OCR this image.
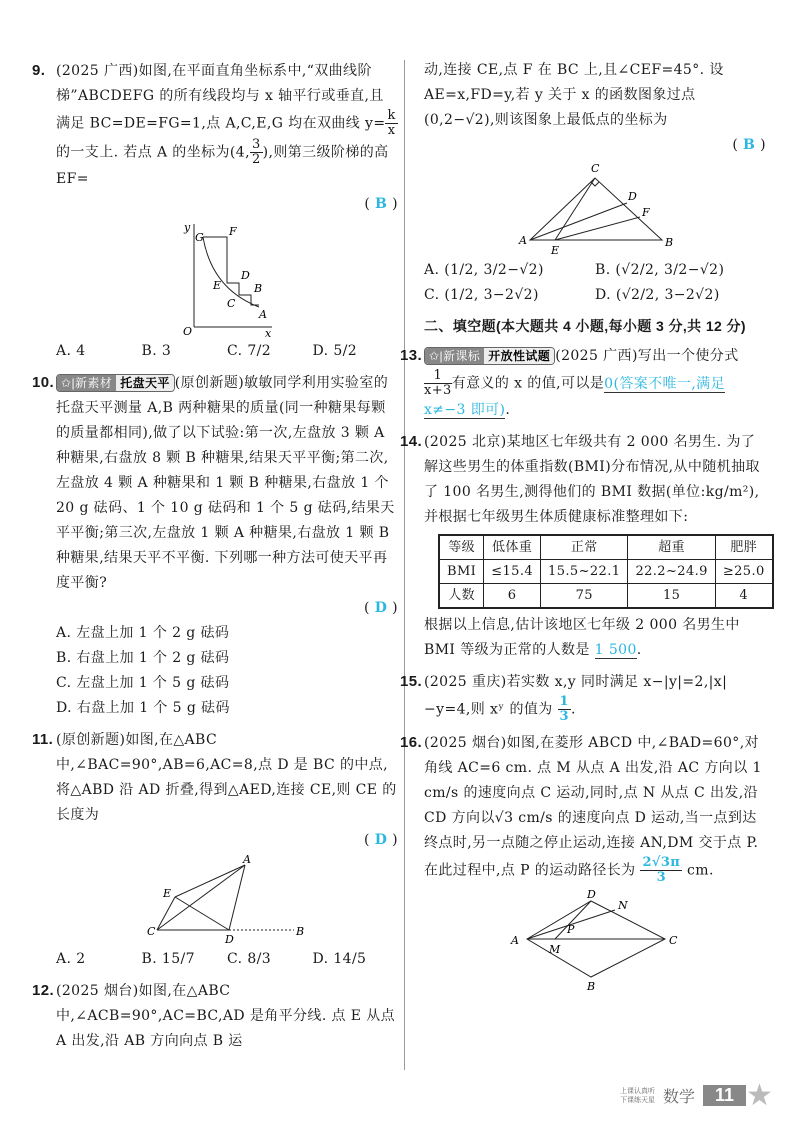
9. (2025 广西)如图,在平面直角坐标系中,“双曲线阶梯”ABCDEFG 的所有线段均与 x 轴平行或垂直,且满足 BC=DE=FG=1,点 A,C,E,G 均在双曲线 $y= \frac{k}{x}$
的一支上. 若点 A 的坐标为(4, $\frac{3}{2}$ ),则第三级阶梯的高 EF=
( B )
y
G F
D
E	B
C
A
O	x
A. 4	B. 3	C. 7/2	D. 5/2
10. ✩|新素材 托盘天平 (原创新题)敏敏同学利用实验室的托盘天平测量 A,B 两种糖果的质量(同一种糖果每颗的质量都相同),做了以下试验:第一次,左盘放 3 颗 A 种糖果,右盘放 8 颗 B 种糖果,结果天平平衡;第二次,左盘放 4 颗 A 种糖果和 1 颗 B 种糖果,右盘放 1 个 20 g 砝码、1 个 10 g 砝码和 1 个 5 g 砝码,结果天平平衡;第三次,左盘放 1 颗 A 种糖果,右盘放 1 颗 B 种糖果,结果天平不平衡. 下列哪一种方法可使天平再度平衡?
( D )
A. 左盘上加 1 个 2 g 砝码
B. 右盘上加 1 个 2 g 砝码
C. 左盘上加 1 个 5 g 砝码
D. 右盘上加 1 个 5 g 砝码
11. (原创新题)如图,在△ABC 中,∠BAC=90°,AB=6,AC=8,点 D 是 BC 的中点,将△ABD 沿 AD 折叠,得到△AED,连接 CE,则 CE 的长度为
( D )
A
E
C
D
B
A. 2	B. 15/7	C. 8/3	D. 14/5
12. (2025 烟台)如图,在△ABC 中,∠ACB=90°,AC=BC,AD 是角平分线. 点 E 从点 A 出发,沿 AB 方向向点 B 运
动,连接 CE,点 F 在 BC 上,且∠CEF=45°. 设 AE=x,FD=y,若 y 关于 x 的函数图象过点(0,2−√2),则该图象上最低点的坐标为
( B )
C
D
F
A
E
B
A. (1/2, 3/2−√2)	B. (√2/2, 3/2−√2)
C. (1/2, 3−2√2)	D. (√2/2, 3−2√2)
二、填空题(本大题共 4 小题,每小题 3 分,共 12 分)
13. ✩|新课标 开放性试题 (2025 广西)写出一个使分式
$\frac{1}{x+3}$ 有意义的 x 的值,可以是0(答案不唯一,满足 x≠−3 即可).
14. (2025 北京)某地区七年级共有 2 000 名男生. 为了解这些男生的体重指数(BMI)分布情况,从中随机抽取了 100 名男生,测得他们的 BMI 数据(单位:kg/m²),并根据七年级男生体质健康标准整理如下:
等级	低体重	正常	超重	肥胖
BMI	≤15.4	15.5~22.1	22.2~24.9	≥25.0
人数	6	75	15	4
根据以上信息,估计该地区七年级 2 000 名男生中 BMI 等级为正常的人数是 1 500.
15. (2025 重庆)若实数 x,y 同时满足 x−|y|=2,|x|−y=4,则 xʸ 的值为 $\frac{1}{3}$ .
16. (2025 烟台)如图,在菱形 ABCD 中,∠BAD=60°,对角线 AC=6 cm. 点 M 从点 A 出发,沿 AC 方向以 1 cm/s 的速度向点 C 运动,同时,点 N 从点 C 出发,沿 CD 方向以√3 cm/s 的速度向点 D 运动,当一点到达终点时,另一点随之停止运动,连接 AN,DM 交于点 P. 在此过程中,点 P 的运动路径长为 $\frac{2√3\pi}{3}$ cm.
D
N
P
A
M
C
B
上课认真听
下课练天星 数学	11 ★
